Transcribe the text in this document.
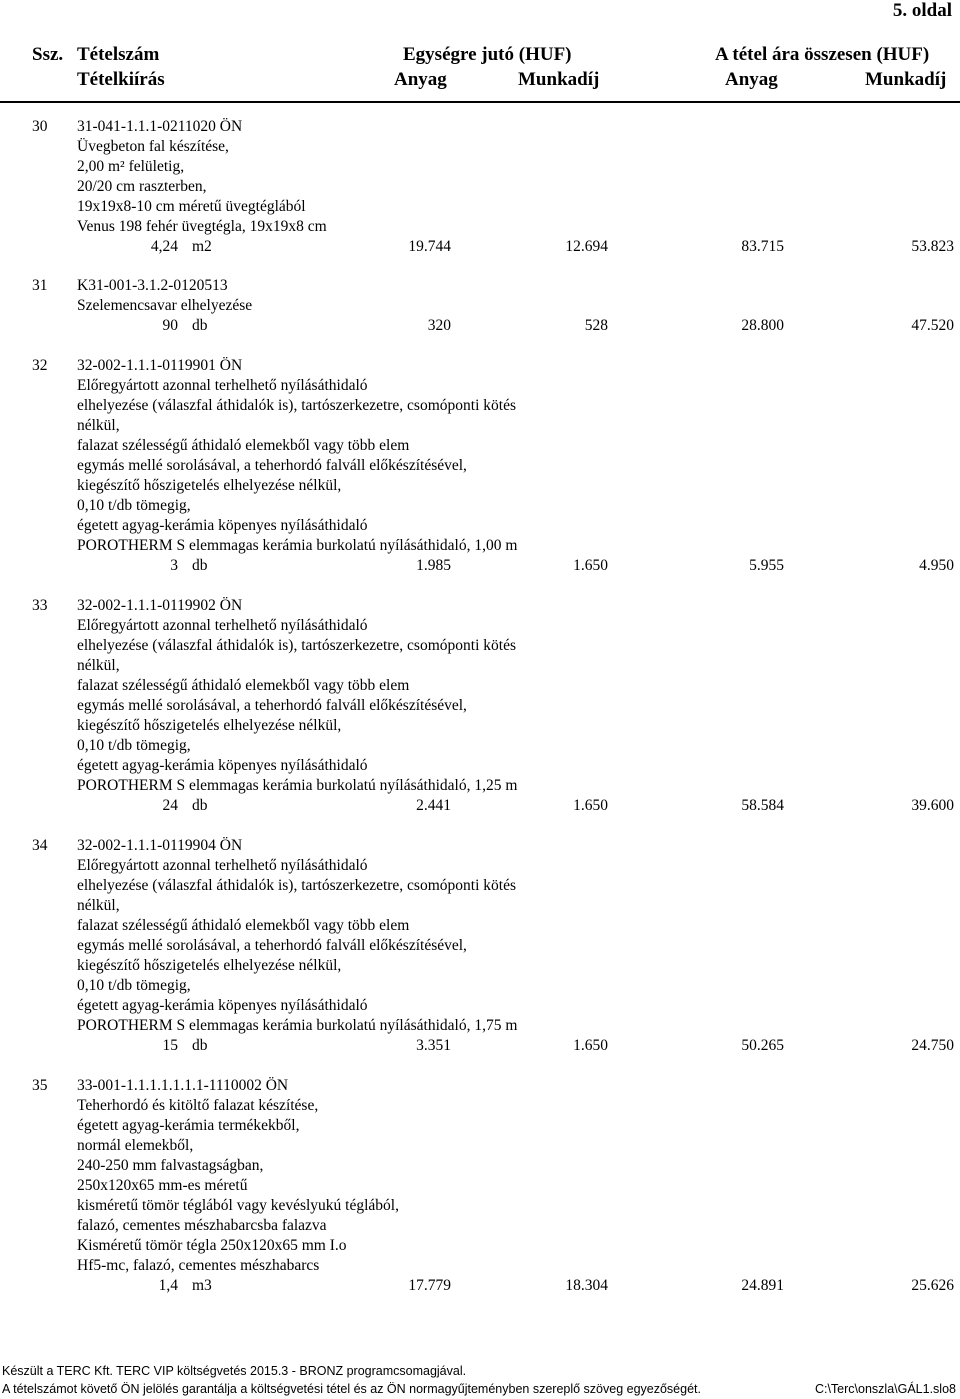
5. oldal
Ssz. Tételszám
Tételkiírás
Egységre jutó (HUF)
Anyag	Munkadíj
A tétel ára összesen (HUF)
Anyag	Munkadíj
30 31-041-1.1.1-0211020 ÖN
Üvegbeton fal készítése,
2,00 m² felületig,
20/20 cm raszterben,
19x19x8-10 cm méretű üvegtéglából
Venus 198 fehér üvegtégla, 19x19x8 cm
4,24 m2	19.744	12.694	83.715	53.823
31 K31-001-3.1.2-0120513
Szelemencsavar elhelyezése
90 db	320	528	28.800	47.520
32 32-002-1.1.1-0119901 ÖN
Előregyártott azonnal terhelhető nyílásáthidaló
elhelyezése (válaszfal áthidalók is), tartószerkezetre, csomóponti kötés
nélkül,
falazat szélességű áthidaló elemekből vagy több elem
egymás mellé sorolásával, a teherhordó falváll előkészítésével,
kiegészítő hőszigetelés elhelyezése nélkül,
0,10 t/db tömegig,
égetett agyag-kerámia köpenyes nyílásáthidaló
POROTHERM S elemmagas kerámia burkolatú nyílásáthidaló, 1,00 m
3 db	1.985	1.650	5.955	4.950
33 32-002-1.1.1-0119902 ÖN
Előregyártott azonnal terhelhető nyílásáthidaló
elhelyezése (válaszfal áthidalók is), tartószerkezetre, csomóponti kötés
nélkül,
falazat szélességű áthidaló elemekből vagy több elem
egymás mellé sorolásával, a teherhordó falváll előkészítésével,
kiegészítő hőszigetelés elhelyezése nélkül,
0,10 t/db tömegig,
égetett agyag-kerámia köpenyes nyílásáthidaló
POROTHERM S elemmagas kerámia burkolatú nyílásáthidaló, 1,25 m
24 db	2.441	1.650	58.584	39.600
34 32-002-1.1.1-0119904 ÖN
Előregyártott azonnal terhelhető nyílásáthidaló
elhelyezése (válaszfal áthidalók is), tartószerkezetre, csomóponti kötés
nélkül,
falazat szélességű áthidaló elemekből vagy több elem
egymás mellé sorolásával, a teherhordó falváll előkészítésével,
kiegészítő hőszigetelés elhelyezése nélkül,
0,10 t/db tömegig,
égetett agyag-kerámia köpenyes nyílásáthidaló
POROTHERM S elemmagas kerámia burkolatú nyílásáthidaló, 1,75 m
15 db	3.351	1.650	50.265	24.750
35 33-001-1.1.1.1.1.1.1-1110002 ÖN
Teherhordó és kitöltő falazat készítése,
égetett agyag-kerámia termékekből,
normál elemekből,
240-250 mm falvastagságban,
250x120x65 mm-es méretű
kisméretű tömör téglából vagy kevéslyukú téglából,
falazó, cementes mészhabarcsba falazva
Kisméretű tömör tégla 250x120x65 mm I.o
Hf5-mc, falazó, cementes mészhabarcs
1,4 m3	17.779	18.304	24.891	25.626
Készült a TERC Kft. TERC VIP költségvetés 2015.3 - BRONZ programcsomagjával.
A tételszámot követő ÖN jelölés garantálja a költségvetési tétel és az ÖN normagyűjteményben szereplő szöveg egyezőségét.	C:\Terc\onszla\GÁL1.slo8
